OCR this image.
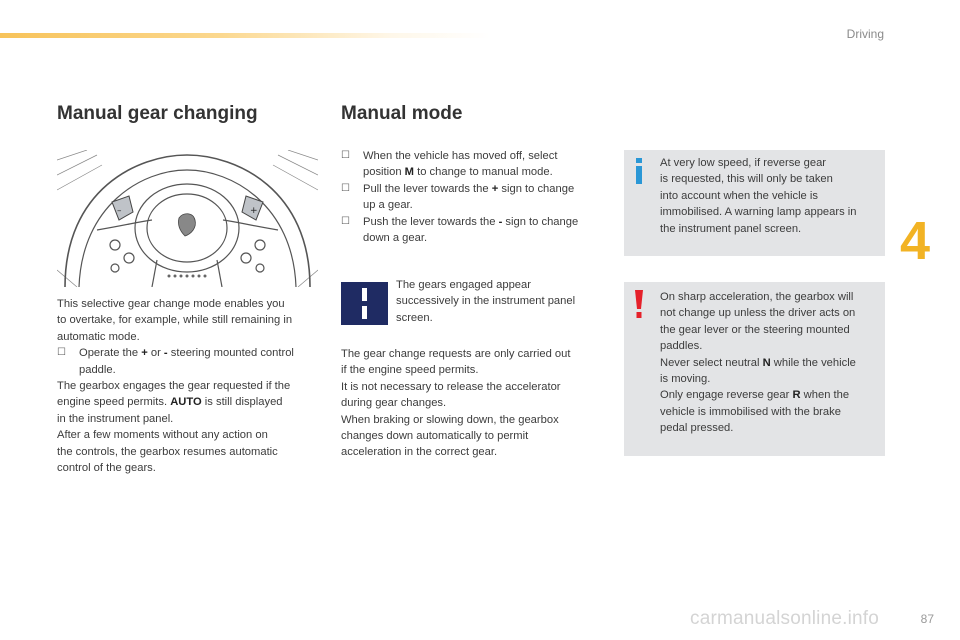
Driving
4
Manual gear changing
–	+
This selective gear change mode enables you
to overtake, for example, while still remaining in
automatic mode.
☐ Operate the + or - steering mounted control
paddle.
The gearbox engages the gear requested if the
engine speed permits. AUTO is still displayed
in the instrument panel.
After a few moments without any action on
the controls, the gearbox resumes automatic
control of the gears.
Manual mode
☐ When the vehicle has moved off, select
position M to change to manual mode.
☐ Pull the lever towards the + sign to change
up a gear.
☐ Push the lever towards the - sign to change
down a gear.
The gears engaged appear
successively in the instrument panel
screen.
The gear change requests are only carried out
if the engine speed permits.
It is not necessary to release the accelerator
during gear changes.
When braking or slowing down, the gearbox
changes down automatically to permit
acceleration in the correct gear.
At very low speed, if reverse gear
is requested, this will only be taken
into account when the vehicle is
immobilised. A warning lamp appears in
the instrument panel screen.
On sharp acceleration, the gearbox will
not change up unless the driver acts on
the gear lever or the steering mounted
paddles.
Never select neutral N while the vehicle
is moving.
Only engage reverse gear R when the
vehicle is immobilised with the brake
pedal pressed.
carmanualsonline.info	87
